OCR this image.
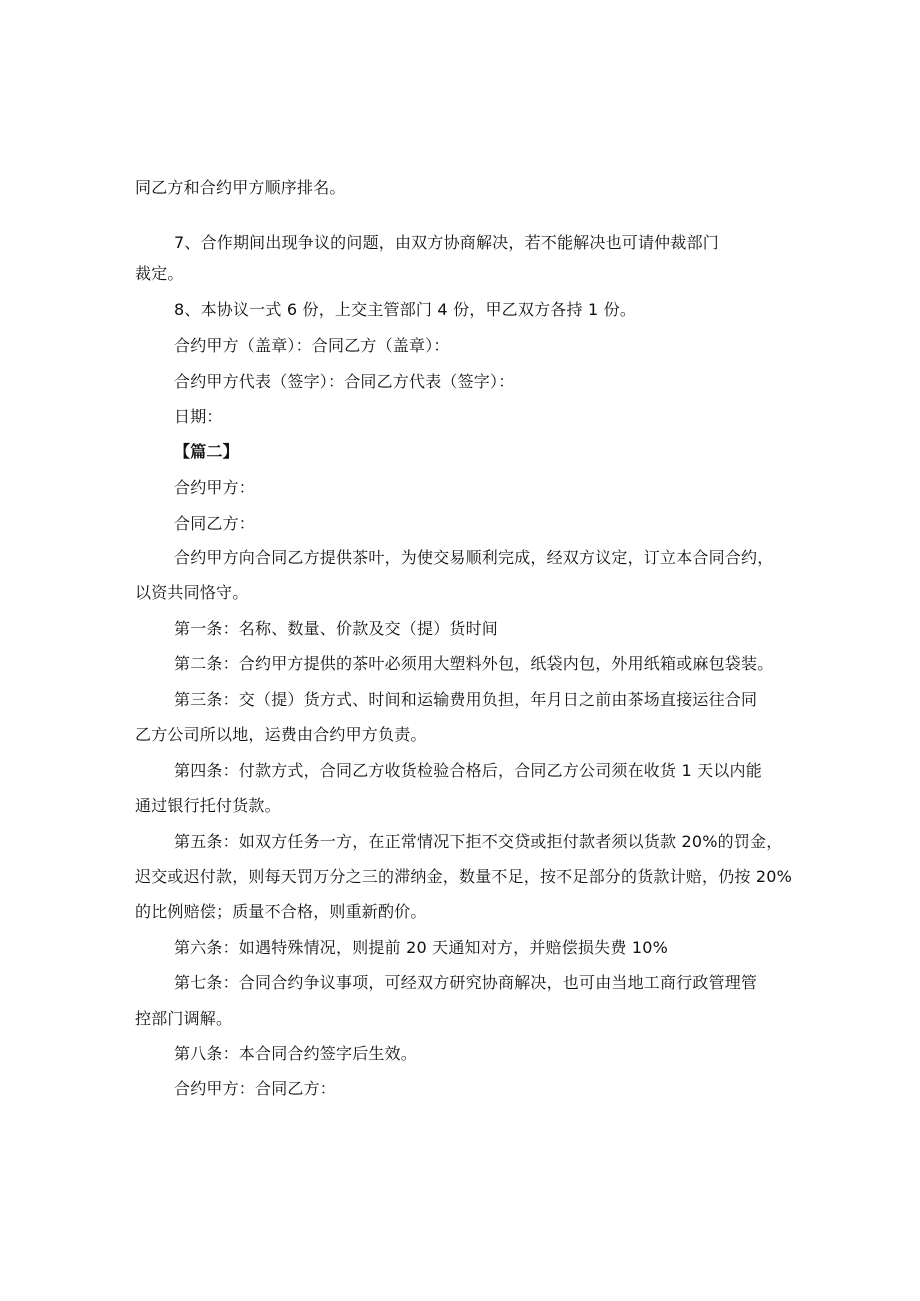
同乙方和合约甲方顺序排名。
7、合作期间出现争议的问题，由双方协商解决，若不能解决也可请仲裁部门
裁定。
8、本协议一式 6 份，上交主管部门 4 份，甲乙双方各持 1 份。
合约甲方（盖章）：合同乙方（盖章）：
合约甲方代表（签字）：合同乙方代表（签字）：
日期：
【篇二】
合约甲方：
合同乙方：
合约甲方向合同乙方提供茶叶，为使交易顺利完成，经双方议定，订立本合同合约，
以资共同恪守。
第一条：名称、数量、价款及交（提）货时间
第二条：合约甲方提供的茶叶必须用大塑料外包，纸袋内包，外用纸箱或麻包袋装。
第三条：交（提）货方式、时间和运输费用负担，年月日之前由茶场直接运往合同
乙方公司所以地，运费由合约甲方负责。
第四条：付款方式，合同乙方收货检验合格后，合同乙方公司须在收货 1 天以内能
通过银行托付货款。
第五条：如双方任务一方，在正常情况下拒不交贷或拒付款者须以货款 20%的罚金，
迟交或迟付款，则每天罚万分之三的滞纳金，数量不足，按不足部分的货款计赔，仍按 20%
的比例赔偿；质量不合格，则重新酌价。
第六条：如遇特殊情况，则提前 20 天通知对方，并赔偿损失费 10%
第七条：合同合约争议事项，可经双方研究协商解决，也可由当地工商行政管理管
控部门调解。
第八条：本合同合约签字后生效。
合约甲方：合同乙方：
